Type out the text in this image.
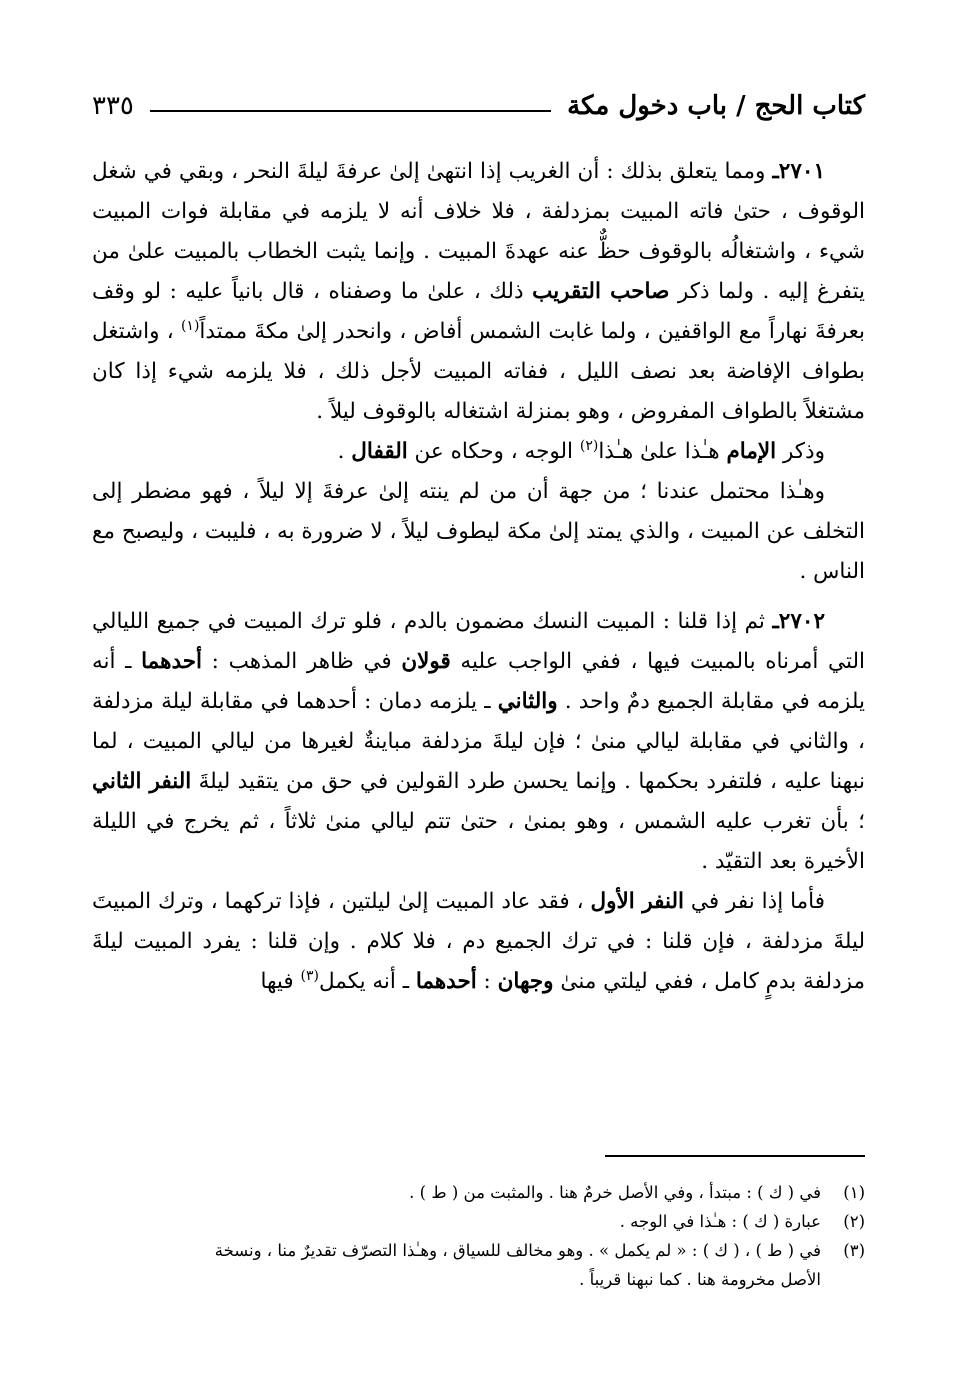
كتاب الحج / باب دخول مكة
٣٣٥

٢٧٠١ـ ومما يتعلق بذلك : أن الغريب إذا انتهىٰ إلىٰ عرفةَ ليلةَ النحر ، وبقي في شغل الوقوف ، حتىٰ فاته المبيت بمزدلفة ، فلا خلاف أنه لا يلزمه في مقابلة فوات المبيت شيء ، واشتغالُه بالوقوف حظٌّ عنه عهدةَ المبيت . وإنما يثبت الخطاب بالمبيت علىٰ من يتفرغ إليه . ولما ذكر صاحب التقريب ذلك ، علىٰ ما وصفناه ، قال بانياً عليه : لو وقف بعرفةَ نهاراً مع الواقفين ، ولما غابت الشمس أفاض ، وانحدر إلىٰ مكةَ ممتداً$^{(١)}$ ، واشتغل بطواف الإفاضة بعد نصف الليل ، ففاته المبيت لأجل ذلك ، فلا يلزمه شيء إذا كان مشتغلاً بالطواف المفروض ، وهو بمنزلة اشتغاله بالوقوف ليلاً .

وذكر الإمام هـٰذا علىٰ هـٰذا$^{(٢)}$ الوجه ، وحكاه عن القفال .

وهـٰذا محتمل عندنا ؛ من جهة أن من لم ينته إلىٰ عرفةَ إلا ليلاً ، فهو مضطر إلى التخلف عن المبيت ، والذي يمتد إلىٰ مكة ليطوف ليلاً ، لا ضرورة به ، فليبت ، وليصبح مع الناس .

٢٧٠٢ـ ثم إذا قلنا : المبيت النسك مضمون بالدم ، فلو ترك المبيت في جميع الليالي التي أمرناه بالمبيت فيها ، ففي الواجب عليه قولان في ظاهر المذهب : أحدهما ـ أنه يلزمه في مقابلة الجميع دمٌ واحد . والثاني ـ يلزمه دمان : أحدهما في مقابلة ليلة مزدلفة ، والثاني في مقابلة ليالي منىٰ ؛ فإن ليلةَ مزدلفة مباينةٌ لغيرها من ليالي المبيت ، لما نبهنا عليه ، فلتفرد بحكمها . وإنما يحسن طرد القولين في حق من يتقيد ليلةَ النفر الثاني ؛ بأن تغرب عليه الشمس ، وهو بمنىٰ ، حتىٰ تتم ليالي منىٰ ثلاثاً ، ثم يخرج في الليلة الأخيرة بعد التقيّد .

فأما إذا نفر في النفر الأول ، فقد عاد المبيت إلىٰ ليلتين ، فإذا تركهما ، وترك المبيتَ ليلةَ مزدلفة ، فإن قلنا : في ترك الجميع دم ، فلا كلام . وإن قلنا : يفرد المبيت ليلةَ مزدلفة بدمٍ كامل ، ففي ليلتي منىٰ وجهان : أحدهما ـ أنه يكمل$^{(٣)}$ فيها

(١)
في ( ك ) : مبتدأ ، وفي الأصل خرمٌ هنا . والمثبت من ( ط ) .
(٢)
عبارة ( ك ) : هـٰذا في الوجه .
(٣)
في ( ط ) ، ( ك ) : « لم يكمل » . وهو مخالف للسياق ، وهـٰذا التصرّف تقديرٌ منا ، ونسخة
الأصل مخرومة هنا . كما نبهنا قريباً .
